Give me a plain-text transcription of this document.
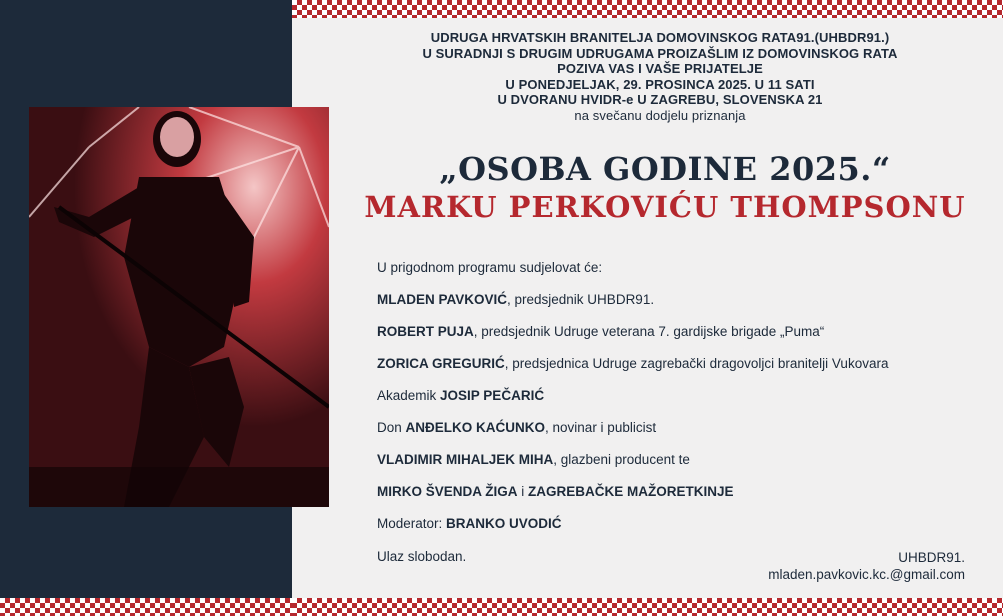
UDRUGA HRVATSKIH BRANITELJA DOMOVINSKOG RATA91.(UHBDR91.)
U SURADNJI S DRUGIM UDRUGAMA PROIZAŠLIM IZ DOMOVINSKOG RATA
POZIVA VAS I VAŠE PRIJATELJE
U PONEDJELJAK, 29. PROSINCA 2025. U 11 SATI
U DVORANU HVIDR-e U ZAGREBU, SLOVENSKA 21
na svečanu dodjelu priznanja
„OSOBA GODINE 2025.“
MARKU PERKOVIĆU THOMPSONU
U prigodnom programu sudjelovat će:
MLADEN PAVKOVIĆ, predsjednik UHBDR91.
ROBERT PUJA, predsjednik Udruge veterana 7. gardijske brigade „Puma“
ZORICA GREGURIĆ, predsjednica Udruge zagrebački dragovoljci branitelji Vukovara
Akademik JOSIP PEČARIĆ
Don ANĐELKO KAĆUNKO, novinar i publicist
VLADIMIR MIHALJEK MIHA, glazbeni producent te
MIRKO ŠVENDA ŽIGA i ZAGREBAČKE MAŽORETKINJE
Moderator: BRANKO UVODIĆ
Ulaz slobodan.	UHBDR91.
mladen.pavkovic.kc.@gmail.com
